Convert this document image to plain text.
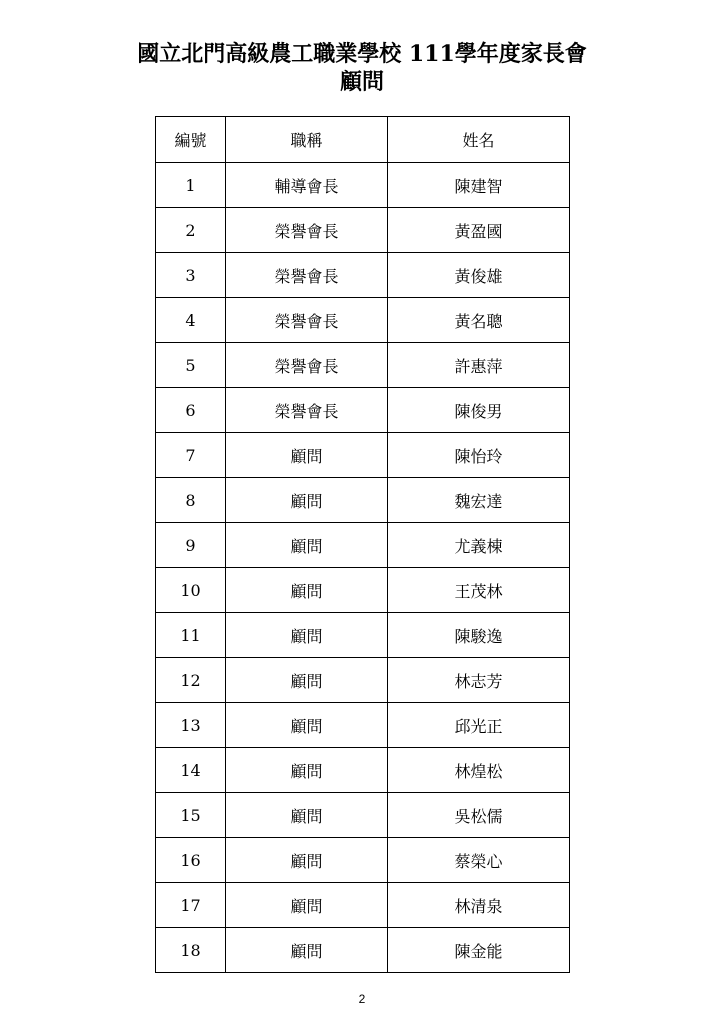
國立北門高級農工職業學校 111學年度家長會
顧問
編號	職稱	姓名
1	輔導會長	陳建智
2	榮譽會長	黃盈國
3	榮譽會長	黃俊雄
4	榮譽會長	黃名聰
5	榮譽會長	許惠萍
6	榮譽會長	陳俊男
7	顧問	陳怡玲
8	顧問	魏宏達
9	顧問	尤義棟
10	顧問	王茂林
11	顧問	陳駿逸
12	顧問	林志芳
13	顧問	邱光正
14	顧問	林煌松
15	顧問	吳松儒
16	顧問	蔡榮心
17	顧問	林清泉
18	顧問	陳金能
2
